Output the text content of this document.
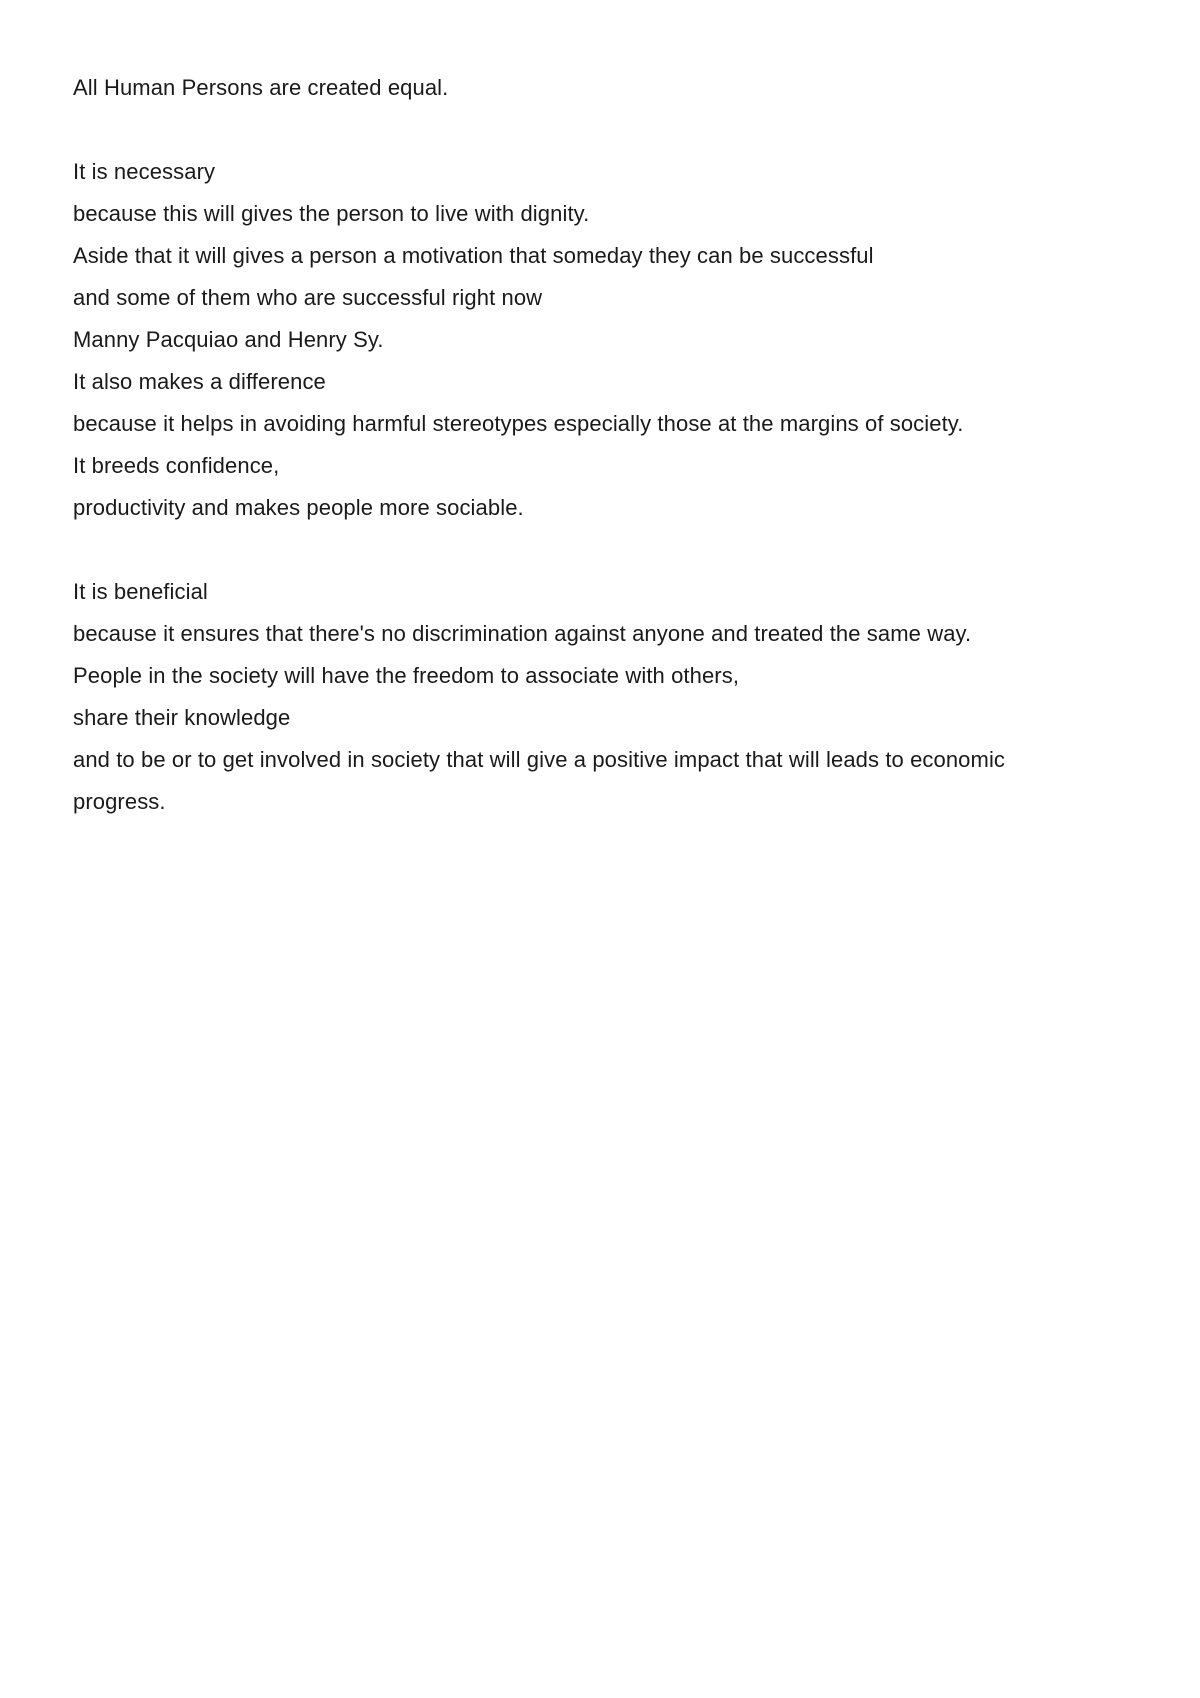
All Human Persons are created equal.
It is necessary
because this will gives the person to live with dignity.
Aside that it will gives a person a motivation that someday they can be successful
and some of them who are successful right now
Manny Pacquiao and Henry Sy.
It also makes a difference
because it helps in avoiding harmful stereotypes especially those at the margins of society.
It breeds confidence,
productivity and makes people more sociable.
It is beneficial
because it ensures that there's no discrimination against anyone and treated the same way.
People in the society will have the freedom to associate with others,
share their knowledge
and to be or to get involved in society that will give a positive impact that will leads to economic
progress.
